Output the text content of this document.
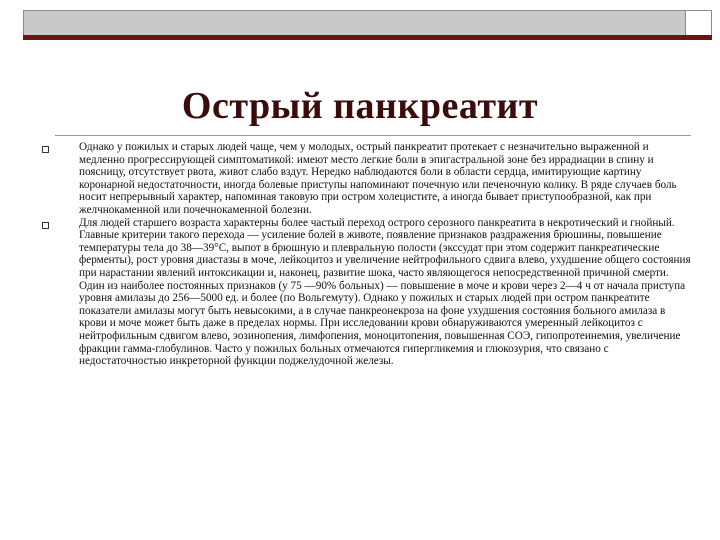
Острый панкреатит

Однако у пожилых и старых людей чаще, чем у молодых, острый панкреатит протекает с незначительно выраженной и медленно прогрессирующей симптоматикой: имеют место легкие боли в эпигастральной зоне без иррадиации в спину и поясницу, отсутствует рвота, живот слабо вздут. Нередко наблюдаются боли в области сердца, имитирующие картину коронарной недостаточности, иногда болевые приступы напоминают почечную или печеночную колику. В ряде случаев боль носит непрерывный характер, напоминая таковую при остром холецистите, а иногда бывает приступообразной, как при желчнокаменной или почечнокаменной болезни.

Для людей старшего возраста характерны более частый переход острого серозного панкреатита в некротический и гнойный. Главные критерии такого перехода — усиление болей в животе, появление признаков раздражения брюшины, повышение температуры тела до 38—39°С, выпот в брюшную и плевральную полости (экссудат при этом содержит панкреатические ферменты), рост уровня диастазы в моче, лейкоцитоз и увеличение нейтрофильного сдвига влево, ухудшение общего состояния при нарастании явлений интоксикации и, наконец, развитие шока, часто являющегося непосредственной причиной смерти. Один из наиболее постоянных признаков (у 75 —90% больных) — повышение в моче и крови через 2—4 ч от начала приступа уровня амилазы до 256—5000 ед. и более (по Вольгемуту). Однако у пожилых и старых людей при остром панкреатите показатели амилазы могут быть невысокими, а в случае панкреонекроза на фоне ухудшения состояния больного амилаза в крови и моче может быть даже в пределах нормы. При исследовании крови обнаруживаются умеренный лейкоцитоз с нейтрофильным сдвигом влево, эозинопения, лимфопения, моноцитопения, повышенная СОЭ, гипопротеинемия, увеличение фракции гамма-глобулинов. Часто у пожилых больных отмечаются гипергликемия и глюкозурия, что связано с недостаточностью инкреторной функции поджелудочной железы.
